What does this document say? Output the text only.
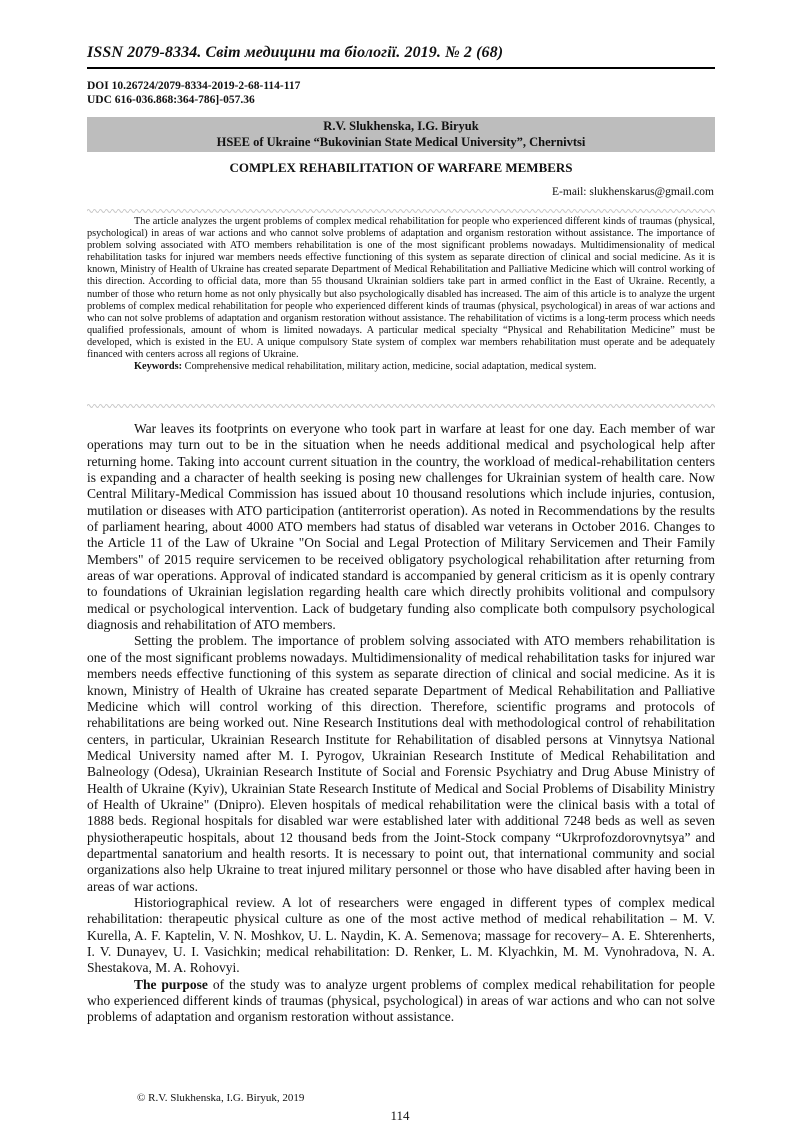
ISSN 2079-8334. Світ медицини та біології. 2019. № 2 (68)
DOI 10.26724/2079-8334-2019-2-68-114-117
UDC 616-036.868:364-786]-057.36
R.V. Slukhenska, I.G. Biryuk
HSEE of Ukraine “Bukovinian State Medical University”, Chernivtsi
COMPLEX REHABILITATION OF WARFARE MEMBERS
E-mail: slukhenskarus@gmail.com

The article analyzes the urgent problems of complex medical rehabilitation for people who experienced different kinds of traumas (physical, psychological) in areas of war actions and who cannot solve problems of adaptation and organism restoration without assistance. The importance of problem solving associated with ATO members rehabilitation is one of the most significant problems nowadays. Multidimensionality of medical rehabilitation tasks for injured war members needs effective functioning of this system as separate direction of clinical and social medicine. As it is known, Ministry of Health of Ukraine has created separate Department of Medical Rehabilitation and Palliative Medicine which will control working of this direction. According to official data, more than 55 thousand Ukrainian soldiers take part in armed conflict in the East of Ukraine. Recently, a number of those who return home as not only physically but also psychologically disabled has increased. The aim of this article is to analyze the urgent problems of complex medical rehabilitation for people who experienced different kinds of traumas (physical, psychological) in areas of war actions and who can not solve problems of adaptation and organism restoration without assistance. The rehabilitation of victims is a long-term process which needs qualified professionals, amount of whom is limited nowadays. A particular medical specialty “Physical and Rehabilitation Medicine” must be developed, which is existed in the EU. A unique compulsory State system of complex war members rehabilitation must operate and be adequately financed with centers across all regions of Ukraine.

Keywords: Comprehensive medical rehabilitation, military action, medicine, social adaptation, medical system.

War leaves its footprints on everyone who took part in warfare at least for one day. Each member of war operations may turn out to be in the situation when he needs additional medical and psychological help after returning home. Taking into account current situation in the country, the workload of medical-rehabilitation centers is expanding and a character of health seeking is posing new challenges for Ukrainian system of health care. Now Central Military-Medical Commission has issued about 10 thousand resolutions which include injuries, contusion, mutilation or diseases with ATO participation (antiterrorist operation). As noted in Recommendations by the results of parliament hearing, about 4000 ATO members had status of disabled war veterans in October 2016. Changes to the Article 11 of the Law of Ukraine "On Social and Legal Protection of Military Servicemen and Their Family Members" of 2015 require servicemen to be received obligatory psychological rehabilitation after returning from areas of war operations. Approval of indicated standard is accompanied by general criticism as it is openly contrary to foundations of Ukrainian legislation regarding health care which directly prohibits volitional and compulsory medical or psychological intervention. Lack of budgetary funding also complicate both compulsory psychological diagnosis and rehabilitation of ATO members.

Setting the problem. The importance of problem solving associated with ATO members rehabilitation is one of the most significant problems nowadays. Multidimensionality of medical rehabilitation tasks for injured war members needs effective functioning of this system as separate direction of clinical and social medicine. As it is known, Ministry of Health of Ukraine has created separate Department of Medical Rehabilitation and Palliative Medicine which will control working of this direction. Therefore, scientific programs and protocols of rehabilitations are being worked out. Nine Research Institutions deal with methodological control of rehabilitation centers, in particular, Ukrainian Research Institute for Rehabilitation of disabled persons at Vinnytsya National Medical University named after M. I. Pyrogov, Ukrainian Research Institute of Medical Rehabilitation and Balneology (Odesa), Ukrainian Research Institute of Social and Forensic Psychiatry and Drug Abuse Ministry of Health of Ukraine (Kyiv), Ukrainian State Research Institute of Medical and Social Problems of Disability Ministry of Health of Ukraine" (Dnipro). Eleven hospitals of medical rehabilitation were the clinical basis with a total of 1888 beds. Regional hospitals for disabled war were established later with additional 7248 beds as well as seven physiotherapeutic hospitals, about 12 thousand beds from the Joint-Stock company “Ukrprofozdorovnytsya” and departmental sanatorium and health resorts. It is necessary to point out, that international community and social organizations also help Ukraine to treat injured military personnel or those who have disabled after having been in areas of war actions.

Historiographical review. A lot of researchers were engaged in different types of complex medical rehabilitation: therapeutic physical culture as one of the most active method of medical rehabilitation – M. V. Kurella, A. F. Kaptelin, V. N. Moshkov, U. L. Naydin, K. A. Semenova; massage for recovery– A. E. Shterenherts, I. V. Dunayev, U. I. Vasichkin; medical rehabilitation: D. Renker, L. M. Klyachkin, M. M. Vynohradova, N. A. Shestakova, M. A. Rohovyi.

The purpose of the study was to analyze urgent problems of complex medical rehabilitation for people who experienced different kinds of traumas (physical, psychological) in areas of war actions and who can not solve problems of adaptation and organism restoration without assistance.

© R.V. Slukhenska, I.G. Biryuk, 2019
114
